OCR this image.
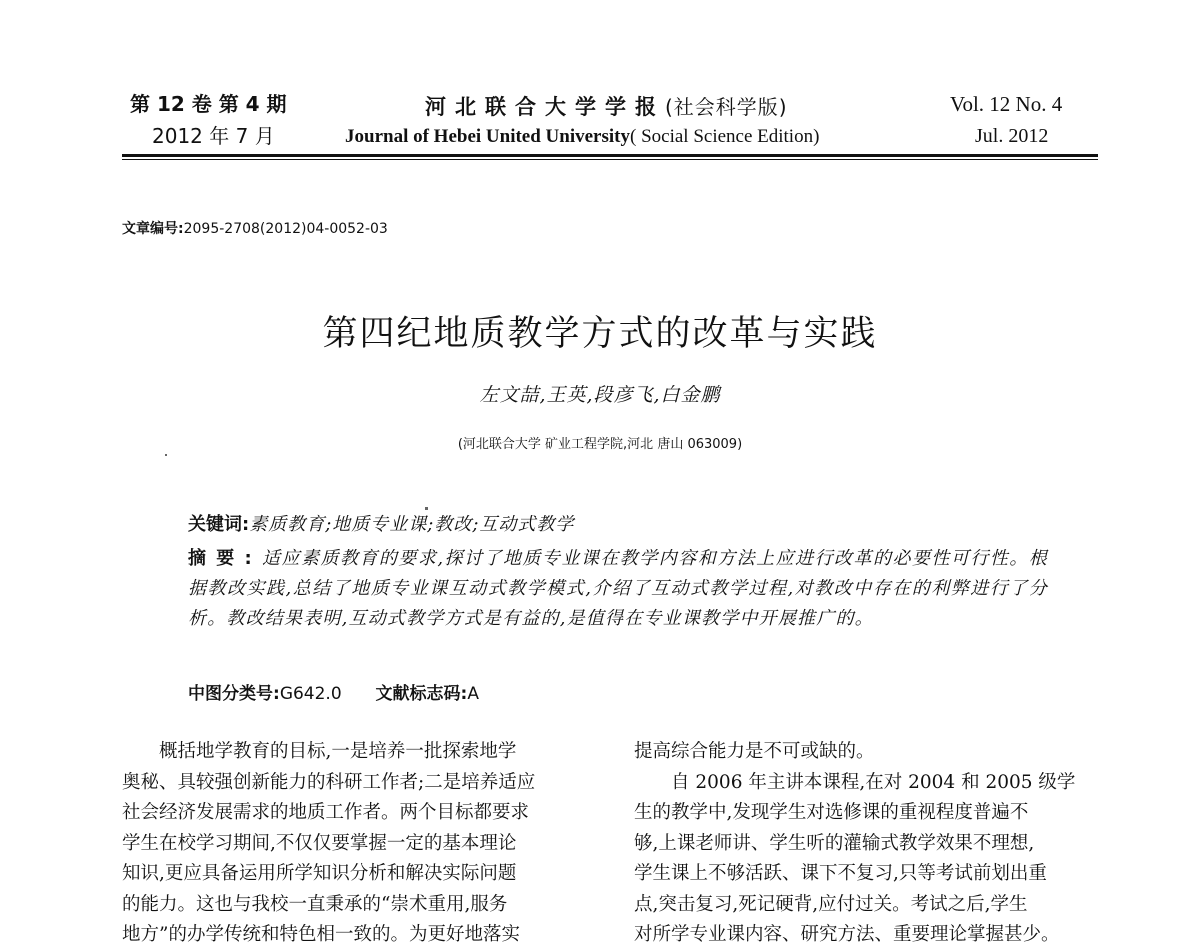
第 12 卷 第 4 期
2012 年 7 月
河北联合大学学报(社会科学版)
Journal of Hebei United University( Social Science Edition)
Vol. 12 No. 4
Jul. 2012
文章编号:2095-2708(2012)04-0052-03
第四纪地质教学方式的改革与实践
左文喆,王英,段彦飞,白金鹏
(河北联合大学 矿业工程学院,河北 唐山 063009)
关键词:素质教育;地质专业课;教改;互动式教学
摘要:适应素质教育的要求,探讨了地质专业课在教学内容和方法上应进行改革的必要性可行性。根据教改实践,总结了地质专业课互动式教学模式,介绍了互动式教学过程,对教改中存在的利弊进行了分析。教改结果表明,互动式教学方式是有益的,是值得在专业课教学中开展推广的。
中图分类号:G642.0 文献标志码:A

概括地学教育的目标,一是培养一批探索地学

奥秘、具较强创新能力的科研工作者;二是培养适应

社会经济发展需求的地质工作者。两个目标都要求

学生在校学习期间,不仅仅要掌握一定的基本理论

知识,更应具备运用所学知识分析和解决实际问题

的能力。这也与我校一直秉承的“崇术重用,服务

地方”的办学传统和特色相一致的。为更好地落实

提高综合能力是不可或缺的。

自 2006 年主讲本课程,在对 2004 和 2005 级学

生的教学中,发现学生对选修课的重视程度普遍不

够,上课老师讲、学生听的灌输式教学效果不理想,

学生课上不够活跃、课下不复习,只等考试前划出重

点,突击复习,死记硬背,应付过关。考试之后,学生

对所学专业课内容、研究方法、重要理论掌握甚少。
